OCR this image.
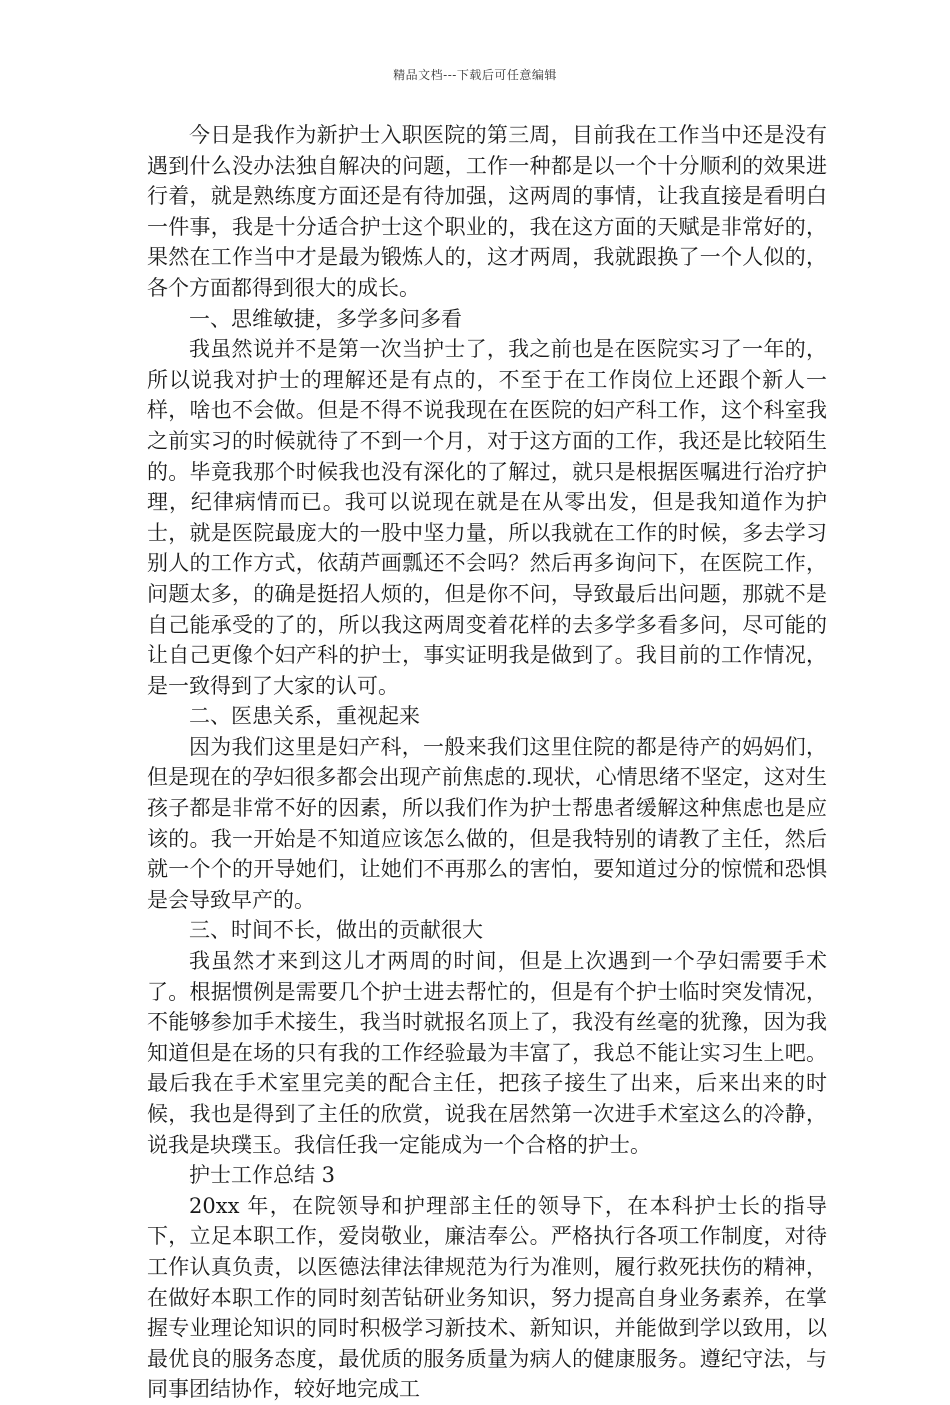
精品文档---下载后可任意编辑

今日是我作为新护士入职医院的第三周，目前我在工作当中还是没有遇到什么没办法独自解决的问题，工作一种都是以一个十分顺利的效果进行着，就是熟练度方面还是有待加强，这两周的事情，让我直接是看明白一件事，我是十分适合护士这个职业的，我在这方面的天赋是非常好的，果然在工作当中才是最为锻炼人的，这才两周，我就跟换了一个人似的，各个方面都得到很大的成长。

一、思维敏捷，多学多问多看

我虽然说并不是第一次当护士了，我之前也是在医院实习了一年的，所以说我对护士的理解还是有点的，不至于在工作岗位上还跟个新人一样，啥也不会做。但是不得不说我现在在医院的妇产科工作，这个科室我之前实习的时候就待了不到一个月，对于这方面的工作，我还是比较陌生的。毕竟我那个时候我也没有深化的了解过，就只是根据医嘱进行治疗护理，纪律病情而已。我可以说现在就是在从零出发，但是我知道作为护士，就是医院最庞大的一股中坚力量，所以我就在工作的时候，多去学习别人的工作方式，依葫芦画瓢还不会吗？然后再多询问下，在医院工作，问题太多，的确是挺招人烦的，但是你不问，导致最后出问题，那就不是自己能承受的了的，所以我这两周变着花样的去多学多看多问，尽可能的让自己更像个妇产科的护士，事实证明我是做到了。我目前的工作情况，是一致得到了大家的认可。

二、医患关系，重视起来

因为我们这里是妇产科，一般来我们这里住院的都是待产的妈妈们，但是现在的孕妇很多都会出现产前焦虑的.现状，心情思绪不坚定，这对生孩子都是非常不好的因素，所以我们作为护士帮患者缓解这种焦虑也是应该的。我一开始是不知道应该怎么做的，但是我特别的请教了主任，然后就一个个的开导她们，让她们不再那么的害怕，要知道过分的惊慌和恐惧是会导致早产的。

三、时间不长，做出的贡献很大

我虽然才来到这儿才两周的时间，但是上次遇到一个孕妇需要手术了。根据惯例是需要几个护士进去帮忙的，但是有个护士临时突发情况，不能够参加手术接生，我当时就报名顶上了，我没有丝毫的犹豫，因为我知道但是在场的只有我的工作经验最为丰富了，我总不能让实习生上吧。最后我在手术室里完美的配合主任，把孩子接生了出来，后来出来的时候，我也是得到了主任的欣赏，说我在居然第一次进手术室这么的冷静，说我是块璞玉。我信任我一定能成为一个合格的护士。

护士工作总结 3

20xx 年，在院领导和护理部主任的领导下，在本科护士长的指导下，立足本职工作，爱岗敬业，廉洁奉公。严格执行各项工作制度，对待工作认真负责，以医德法律法律规范为行为准则，履行救死扶伤的精神，在做好本职工作的同时刻苦钻研业务知识，努力提高自身业务素养，在掌握专业理论知识的同时积极学习新技术、新知识，并能做到学以致用，以最优良的服务态度，最优质的服务质量为病人的健康服务。遵纪守法，与同事团结协作，较好地完成工
